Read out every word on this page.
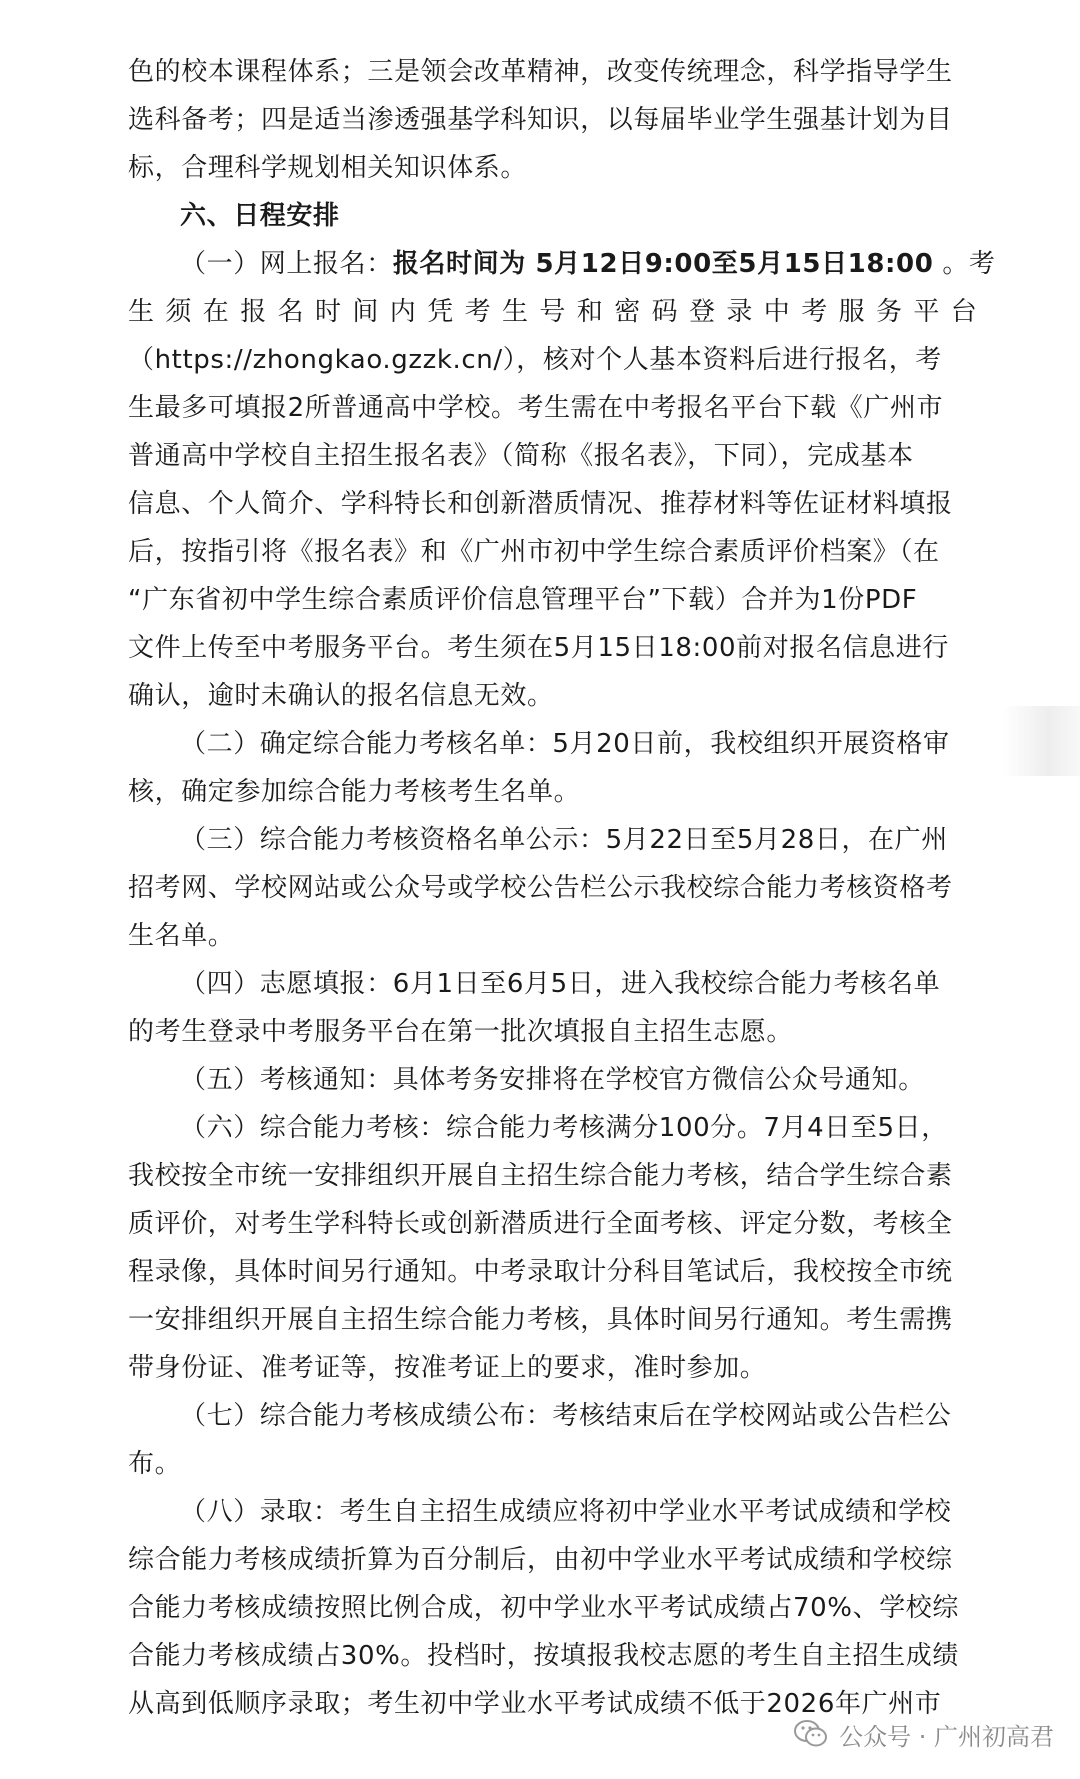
色的校本课程体系；三是领会改革精神，改变传统理念，科学指导学生
选科备考；四是适当渗透强基学科知识，以每届毕业学生强基计划为目
标，合理科学规划相关知识体系。
六、日程安排
（一）网上报名：报名时间为 5月12日9:00至5月15日18:00 。考
生须在报名时间内凭考生号和密码登录中考服务平台
（https://zhongkao.gzzk.cn/），核对个人基本资料后进行报名，考
生最多可填报2所普通高中学校。考生需在中考报名平台下载《广州市
普通高中学校自主招生报名表》（简称《报名表》，下同），完成基本
信息、个人简介、学科特长和创新潜质情况、推荐材料等佐证材料填报
后，按指引将《报名表》和《广州市初中学生综合素质评价档案》（在
“广东省初中学生综合素质评价信息管理平台”下载）合并为1份PDF
文件上传至中考服务平台。考生须在5月15日18:00前对报名信息进行
确认，逾时未确认的报名信息无效。
（二）确定综合能力考核名单：5月20日前，我校组织开展资格审
核，确定参加综合能力考核考生名单。
（三）综合能力考核资格名单公示：5月22日至5月28日，在广州
招考网、学校网站或公众号或学校公告栏公示我校综合能力考核资格考
生名单。
（四）志愿填报：6月1日至6月5日，进入我校综合能力考核名单
的考生登录中考服务平台在第一批次填报自主招生志愿。
（五）考核通知：具体考务安排将在学校官方微信公众号通知。
（六）综合能力考核：综合能力考核满分100分。7月4日至5日，
我校按全市统一安排组织开展自主招生综合能力考核，结合学生综合素
质评价，对考生学科特长或创新潜质进行全面考核、评定分数，考核全
程录像，具体时间另行通知。中考录取计分科目笔试后，我校按全市统
一安排组织开展自主招生综合能力考核，具体时间另行通知。考生需携
带身份证、准考证等，按准考证上的要求，准时参加。
（七）综合能力考核成绩公布：考核结束后在学校网站或公告栏公
布。
（八）录取：考生自主招生成绩应将初中学业水平考试成绩和学校
综合能力考核成绩折算为百分制后，由初中学业水平考试成绩和学校综
合能力考核成绩按照比例合成，初中学业水平考试成绩占70%、学校综
合能力考核成绩占30%。投档时，按填报我校志愿的考生自主招生成绩
从高到低顺序录取；考生初中学业水平考试成绩不低于2026年广州市
公众号 · 广州初高君
